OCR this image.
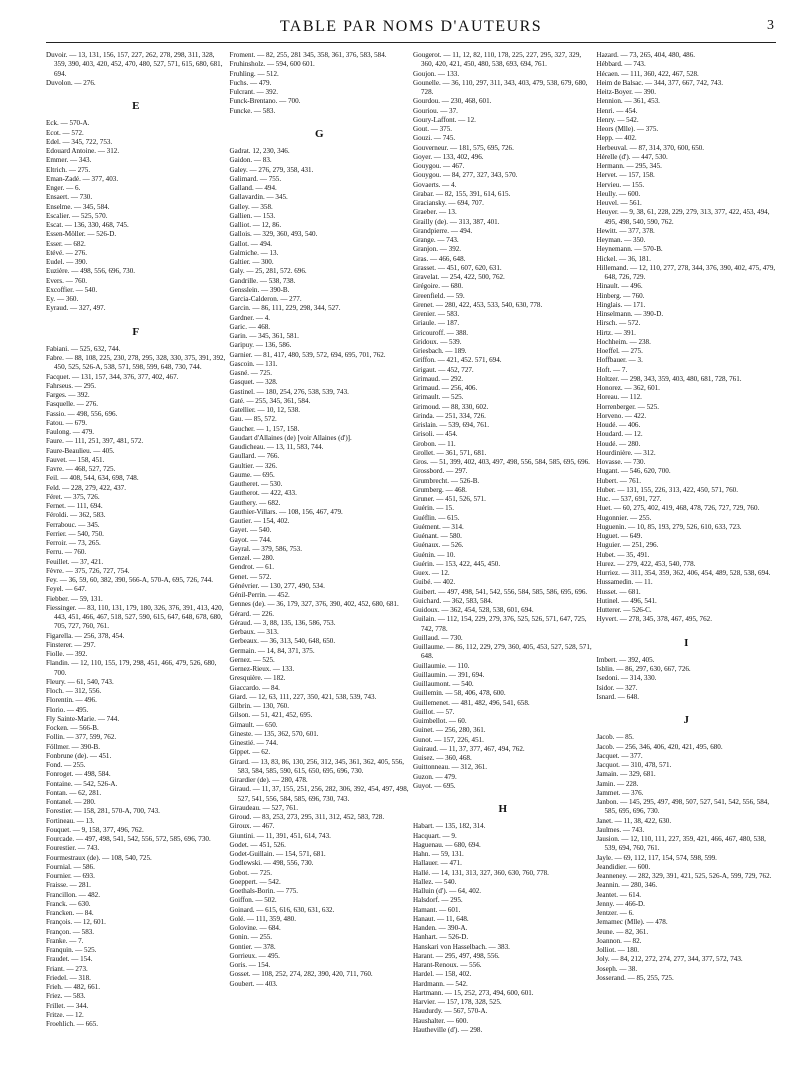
TABLE PAR NOMS D'AUTEURS	3
Duvoir. — 13, 131, 156, 157, 227, 262, 278, 298, 311, 328, 359, 390, 403, 420, 452, 470, 480, 527, 571, 615, 680, 681, 694.
Duvolon. — 276.
E
Eck. — 570-A.
Ecot. — 572.
Edel. — 345, 722, 753.
Edouard Antoine. — 312.
Emmer. — 343.
Eltrich. — 275.
Eman-Zadé. — 377, 403.
Enger. — 6.
Ensaert. — 730.
Enselme. — 345, 584.
Escalier. — 525, 570.
Escat. — 136, 330, 468, 745.
Essen-Möller. — 526-D.
Esser. — 682.
Etévé. — 276.
Eudel. — 390.
Euzière. — 498, 556, 696, 730.
Evers. — 760.
Excoffier. — 540.
Ey. — 360.
Eyraud. — 327, 497.
F
Fabiani. — 525, 632, 744.
Fabre. — 88, 108, 225, 230, 278, 295, 328, 330, 375, 391, 392, 450, 525, 526-A, 538, 571, 598, 599, 648, 730, 744.
Facquet. — 131, 157, 344, 376, 377, 402, 467.
Fahrseus. — 295.
Farges. — 392.
Fasquelle. — 276.
Fassio. — 498, 556, 696.
Fatou. — 679.
Faulong. — 479.
Faure. — 111, 251, 397, 481, 572.
Faure-Beaulieu. — 405.
Fauvet. — 158, 451.
Favre. — 468, 527, 725.
Feil. — 408, 544, 634, 698, 748.
Feld. — 228, 279, 422, 437.
Féret. — 375, 726.
Fernet. — 111, 694.
Féroldi. — 362, 583.
Ferrabouc. — 345.
Ferrier. — 540, 750.
Ferroir. — 73, 265.
Ferru. — 760.
Feuillet. — 37, 421.
Fèvre. — 375, 726, 727, 754.
Fey. — 36, 59, 60, 382, 390, 566-A, 570-A, 695, 726, 744.
Feyel. — 647.
Fiebber. — 59, 131.
Fiessinger. — 83, 110, 131, 179, 180, 326, 376, 391, 413, 420, 443, 451, 466, 467, 518, 527, 590, 615, 647, 648, 678, 680, 705, 727, 760, 761.
Figarella. — 256, 378, 454.
Finsterer. — 297.
Fiolle. — 392.
Flandin. — 12, 110, 155, 179, 298, 451, 466, 479, 526, 680, 700.
Fleury. — 61, 540, 743.
Floch. — 312, 556.
Florentin. — 496.
Florio. — 495.
Fly Sainte-Marie. — 744.
Focken. — 566-B.
Follin. — 377, 599, 762.
Föllmer. — 390-B.
Fonbrune (de). — 451.
Fond. — 255.
Fonroget. — 498, 584.
Fontaine. — 542, 526-A.
Fontan. — 62, 281.
Fontanel. — 280.
Forestier. — 158, 281, 570-A, 700, 743.
Fortineau. — 13.
Fouquet. — 9, 158, 377, 496, 762.
Fourcade. — 497, 498, 541, 542, 556, 572, 585, 696, 730.
Fourestier. — 743.
Fourmestraux (de). — 108, 540, 725.
Fournial. — 586.
Fournier. — 693.
Fraisse. — 281.
Francillon. — 482.
Franck. — 630.
Francken. — 84.
François. — 12, 601.
Françon. — 583.
Franke. — 7.
Franquin. — 525.
Fraudet. — 154.
Friant. — 273.
Friedel. — 318.
Frieh. — 482, 661.
Friez. — 583.
Frillet. — 344.
Fritze. — 12.
Froehlich. — 665.
Froment. — 82, 255, 281 345, 358, 361, 376, 583, 584.
Fruhinsholz. — 594, 600 601.
Fruhling. — 512.
Fuchs. — 479.
Fulcrant. — 392.
Funck-Brentano. — 700.
Funcke. — 583.
G
Gadrat. 12, 230, 346.
Gaidon. — 83.
Galey. — 276, 279, 358, 431.
Galimard. — 755.
Galland. — 494.
Gallavardin. — 345.
Galley. — 358.
Gallien. — 153.
Galliot. — 12, 86.
Gallois. — 329, 360, 493, 540.
Gallot. — 494.
Galmiche. — 13.
Galtier. — 300.
Galy. — 25, 281, 572. 696.
Gandrille. — 538, 738.
Gensslein. — 390-B.
Garcia-Calderon. — 277.
Garcin. — 86, 111, 229, 298, 344, 527.
Gardner. — 4.
Garic. — 468.
Garin. — 345, 361, 581.
Garipuy. — 136, 586.
Garnier. — 81, 417, 480, 539, 572, 694, 695, 701, 762.
Gascoin. — 131.
Gasné. — 725.
Gasquet. — 328.
Gastinel. — 180, 254, 276, 538, 539, 743.
Gaté. — 255, 345, 361, 584.
Gatellier. — 10, 12, 538.
Gau. — 85, 572.
Gaucher. — 1, 157, 158.
Gaudart d'Allaines (de) [voir Allaines (d')].
Gaudicheau. — 13, 11, 583, 744.
Gaullard. — 766.
Gaultier. — 326.
Gaume. — 695.
Gautheret. — 530.
Gautherot. — 422, 433.
Gauthery. — 682.
Gauthier-Villars. — 108, 156, 467, 479.
Gautier. — 154, 402.
Gayet. — 540.
Gayot. — 744.
Gayral. — 379, 586, 753.
Genzel. — 280.
Gendrot. — 61.
Genet. — 572.
Génévrier. — 130, 277, 490, 534.
Génil-Perrin. — 452.
Gennes (de). — 36, 179, 327, 376, 390, 402, 452, 680, 681.
Gérard. — 226.
Géraud. — 3, 88, 135, 136, 586, 753.
Gerbaux. — 313.
Gerbeaux. — 36, 313, 540, 648, 650.
Germain. — 14, 84, 371, 375.
Gernez. — 525.
Gernez-Rieux. — 133.
Gresquière. — 182.
Giaccardo. — 84.
Giard. — 12, 63, 111, 227, 350, 421, 538, 539, 743.
Gilbrin. — 130, 760.
Gilson. — 51, 421, 452, 695.
Gimault. — 650.
Gineste. — 135, 362, 570, 601.
Ginestié. — 744.
Gippet. — 62.
Girard. — 13, 83, 86, 130, 256, 312, 345, 361, 362, 405, 556, 583, 584, 585, 590, 615, 650, 695, 696, 730.
Girardier (de). — 280, 478.
Giraud. — 11, 37, 155, 251, 256, 282, 306, 392, 454, 497, 498, 527, 541, 556, 584, 585, 696, 730, 743.
Giraudeau. — 527, 761.
Giroud. — 83, 253, 273, 295, 311, 312, 452, 583, 728.
Giroux. — 467.
Giuntini. — 11, 391, 451, 614, 743.
Godet. — 451, 526.
Godet-Guillain. — 154, 571, 681.
Godlewski. — 498, 556, 730.
Gobot. — 725.
Goeppert. — 542.
Goethals-Borin. — 775.
Goiffon. — 502.
Goinard. — 615, 616, 630, 631, 632.
Golé. — 111, 359, 480.
Golovine. — 684.
Gonin. — 255.
Gontier. — 378.
Gorrieux. — 495.
Goris. — 154.
Gosset. — 108, 252, 274, 282, 390, 420, 711, 760.
Goubert. — 403.
Gougerot. — 11, 12, 82, 110, 178, 225, 227, 295, 327, 329, 360, 420, 421, 450, 480, 538, 693, 694, 761.
Goujon. — 133.
Gounelle. — 36, 110, 297, 311, 343, 403, 479, 538, 679, 680, 728.
Gourdou. — 230, 468, 601.
Gouriou. — 37.
Goury-Laffont. — 12.
Gout. — 375.
Gouzi. — 745.
Gouverneur. — 181, 575, 695, 726.
Goyer. — 133, 402, 496.
Gouygou. — 467.
Gouygou. — 84, 277, 327, 343, 570.
Govaerts. — 4.
Grabar. — 82, 155, 391, 614, 615.
Graciansky. — 694, 707.
Graeber. — 13.
Grailly (de). — 313, 387, 401.
Grandpierre. — 494.
Grange. — 743.
Granjon. — 392.
Gras. — 466, 648.
Grasset. — 451, 607, 620, 631.
Gravelat. — 254, 422, 500, 762.
Grégoire. — 680.
Greenfield. — 59.
Grenet. — 280, 422, 453, 533, 540, 630, 778.
Grenier. — 583.
Griaule. — 187.
Gricouroff. — 388.
Gridoux. — 539.
Griesbach. — 189.
Griffon. — 421, 452. 571, 694.
Grigaut. — 452, 727.
Grimaud. — 292.
Grimaud. — 256, 406.
Grimault. — 525.
Grimoud. — 88, 330, 602.
Grinda. — 251, 334, 726.
Grislain. — 539, 694, 761.
Grisoli. — 454.
Grobon. — 11.
Grollet. — 361, 571, 681.
Gros. — 51, 399, 402, 403, 497, 498, 556, 584, 585, 695, 696.
Grossbord. — 297.
Grumbrecht. — 526-B.
Grumberg. — 468.
Gruner. — 451, 526, 571.
Guérin. — 15.
Guéflin. — 615.
Guément. — 314.
Guénant. — 580.
Guénaux. — 526.
Guénin. — 10.
Guérin. — 153, 422, 445, 450.
Guex. — 12.
Guibé. — 402.
Guibert. — 497, 498, 541, 542, 556, 584, 585, 586, 695, 696.
Guichard. — 362, 583, 584.
Guidoux. — 362, 454, 528, 538, 601, 694.
Guilain. — 112, 154, 229, 279, 376, 525, 526, 571, 647, 725, 742, 778.
Guillaud. — 730.
Guillaume. — 86, 112, 229, 279, 360, 405, 453, 527, 528, 571, 648.
Guillaumie. — 110.
Guillaumin. — 391, 694.
Guillaumont. — 540.
Guillemin. — 58, 406, 478, 600.
Guillemenet. — 481, 482, 496, 541, 658.
Guillot. — 57.
Guimbellot. — 60.
Guinet. — 256, 280, 361.
Gunot. — 157, 226, 451.
Guiraud. — 11, 37, 377, 467, 494, 762.
Guisez. — 360, 468.
Guittonneau. — 312, 361.
Guzon. — 479.
Guyot. — 695.
H
Habart. — 135, 182, 314.
Hacquart. — 9.
Haguenau. — 680, 694.
Hahn. — 59, 131.
Hallauer. — 471.
Hallé. — 14, 131, 313, 327, 360, 630, 760, 778.
Hallez. — 540.
Halluin (d'). — 64, 402.
Halsdorf. — 295.
Hamant. — 601.
Hanaut. — 11, 648.
Handen. — 390-A.
Hanhart. — 526-D.
Hanskari von Hasselbach. — 383.
Harant. — 295, 497, 498, 556.
Harant-Renoux. — 556.
Hardel. — 158, 402.
Hardmann. — 542.
Hartmann. — 15, 252, 273, 494, 600, 601.
Harvier. — 157, 178, 328, 525.
Haudurdy. — 567, 570-A.
Haushalter. — 600.
Hautheville (d'). — 298.
Hazard. — 73, 265, 404, 480, 486.
Hébbard. — 743.
Hécaen. — 111, 360, 422, 467, 528.
Heim de Balsac. — 344, 377, 667, 742, 743.
Heitz-Boyer. — 390.
Hennion. — 361, 453.
Henri. — 454.
Henry. — 542.
Heors (Mlle). — 375.
Hepp. — 402.
Herbeuval. — 87, 314, 370, 600, 650.
Hérelle (d'). — 447, 530.
Hermann. — 295, 345.
Hervet. — 157, 158.
Hervieu. — 155.
Heully. — 600.
Heuvel. — 561.
Heuyer. — 9, 38, 61, 228, 229, 279, 313, 377, 422, 453, 494, 495, 498, 540, 590, 762.
Hewitt. — 377, 378.
Heyman. — 350.
Heynemann. — 570-B.
Hickel. — 36, 181.
Hillemand. — 12, 110, 277, 278, 344, 376, 390, 402, 475, 479, 648, 726, 729.
Hinault. — 496.
Hinberg. — 760.
Hinglais. — 171.
Hinselmann. — 390-D.
Hirsch. — 572.
Hirtz. — 391.
Hochheim. — 238.
Hoeffel. — 275.
Hoffbauer. — 3.
Hoft. — 7.
Holtzer. — 298, 343, 359, 403, 480, 681, 728, 761.
Honorez. — 362, 601.
Horeau. — 112.
Horrenberger. — 525.
Horveno. — 422.
Houdé. — 406.
Houdard. — 12.
Houdé. — 280.
Hourdinière. — 312.
Hovasse. — 730.
Hugant. — 546, 620, 700.
Hubert. — 761.
Huber. — 131, 155, 226, 313, 422, 450, 571, 760.
Huc. — 537, 691, 727.
Huet. — 60, 275, 402, 419, 468, 478, 726, 727, 729, 760.
Hugonnier. — 255.
Huguenin. — 10, 85, 193, 279, 526, 610, 633, 723.
Huguet. — 649.
Huguier. — 251, 296.
Hubet. — 35, 491.
Hurez. — 279, 422, 453, 540, 778.
Hurriez. — 311, 354, 359, 362, 406, 454, 489, 528, 538, 694.
Hussamedin. — 11.
Husset. — 681.
Hutinel. — 496, 541.
Hutterer. — 526-C.
Hyvert. — 278, 345, 378, 467, 495, 762.
I
Imbert. — 392, 405.
Isblin. — 86, 297, 630, 667, 726.
Isedoni. — 314, 330.
Isidor. — 327.
Isnard. — 648.
J
Jacob. — 85.
Jacob. — 256, 346, 406, 420, 421, 495, 680.
Jacquet. — 377.
Jacquot. — 310, 478, 571.
Jamain. — 329, 681.
Jamin. — 228.
Jammet. — 376.
Janbon. — 145, 295, 497, 498, 507, 527, 541, 542, 556, 584, 585, 695, 696, 730.
Janet. — 11, 38, 422, 630.
Jaulmes. — 743.
Jausion. — 12, 110, 111, 227, 359, 421, 466, 467, 480, 538, 539, 694, 760, 761.
Jayle. — 69, 112, 117, 154, 574, 598, 599.
Jeandidier. — 600.
Jeanneney. — 282, 329, 391, 421, 525, 526-A, 599, 729, 762.
Jeannin. — 280, 346.
Jeantet. — 614.
Jenny. — 466-D.
Jentzer. — 6.
Jemamec (Mlle). — 478.
Jeune. — 82, 361.
Joannon. — 82.
Jolliot. — 180.
Joly. — 84, 212, 272, 274, 277, 344, 377, 572, 743.
Joseph. — 38.
Josserand. — 85, 255, 725.
